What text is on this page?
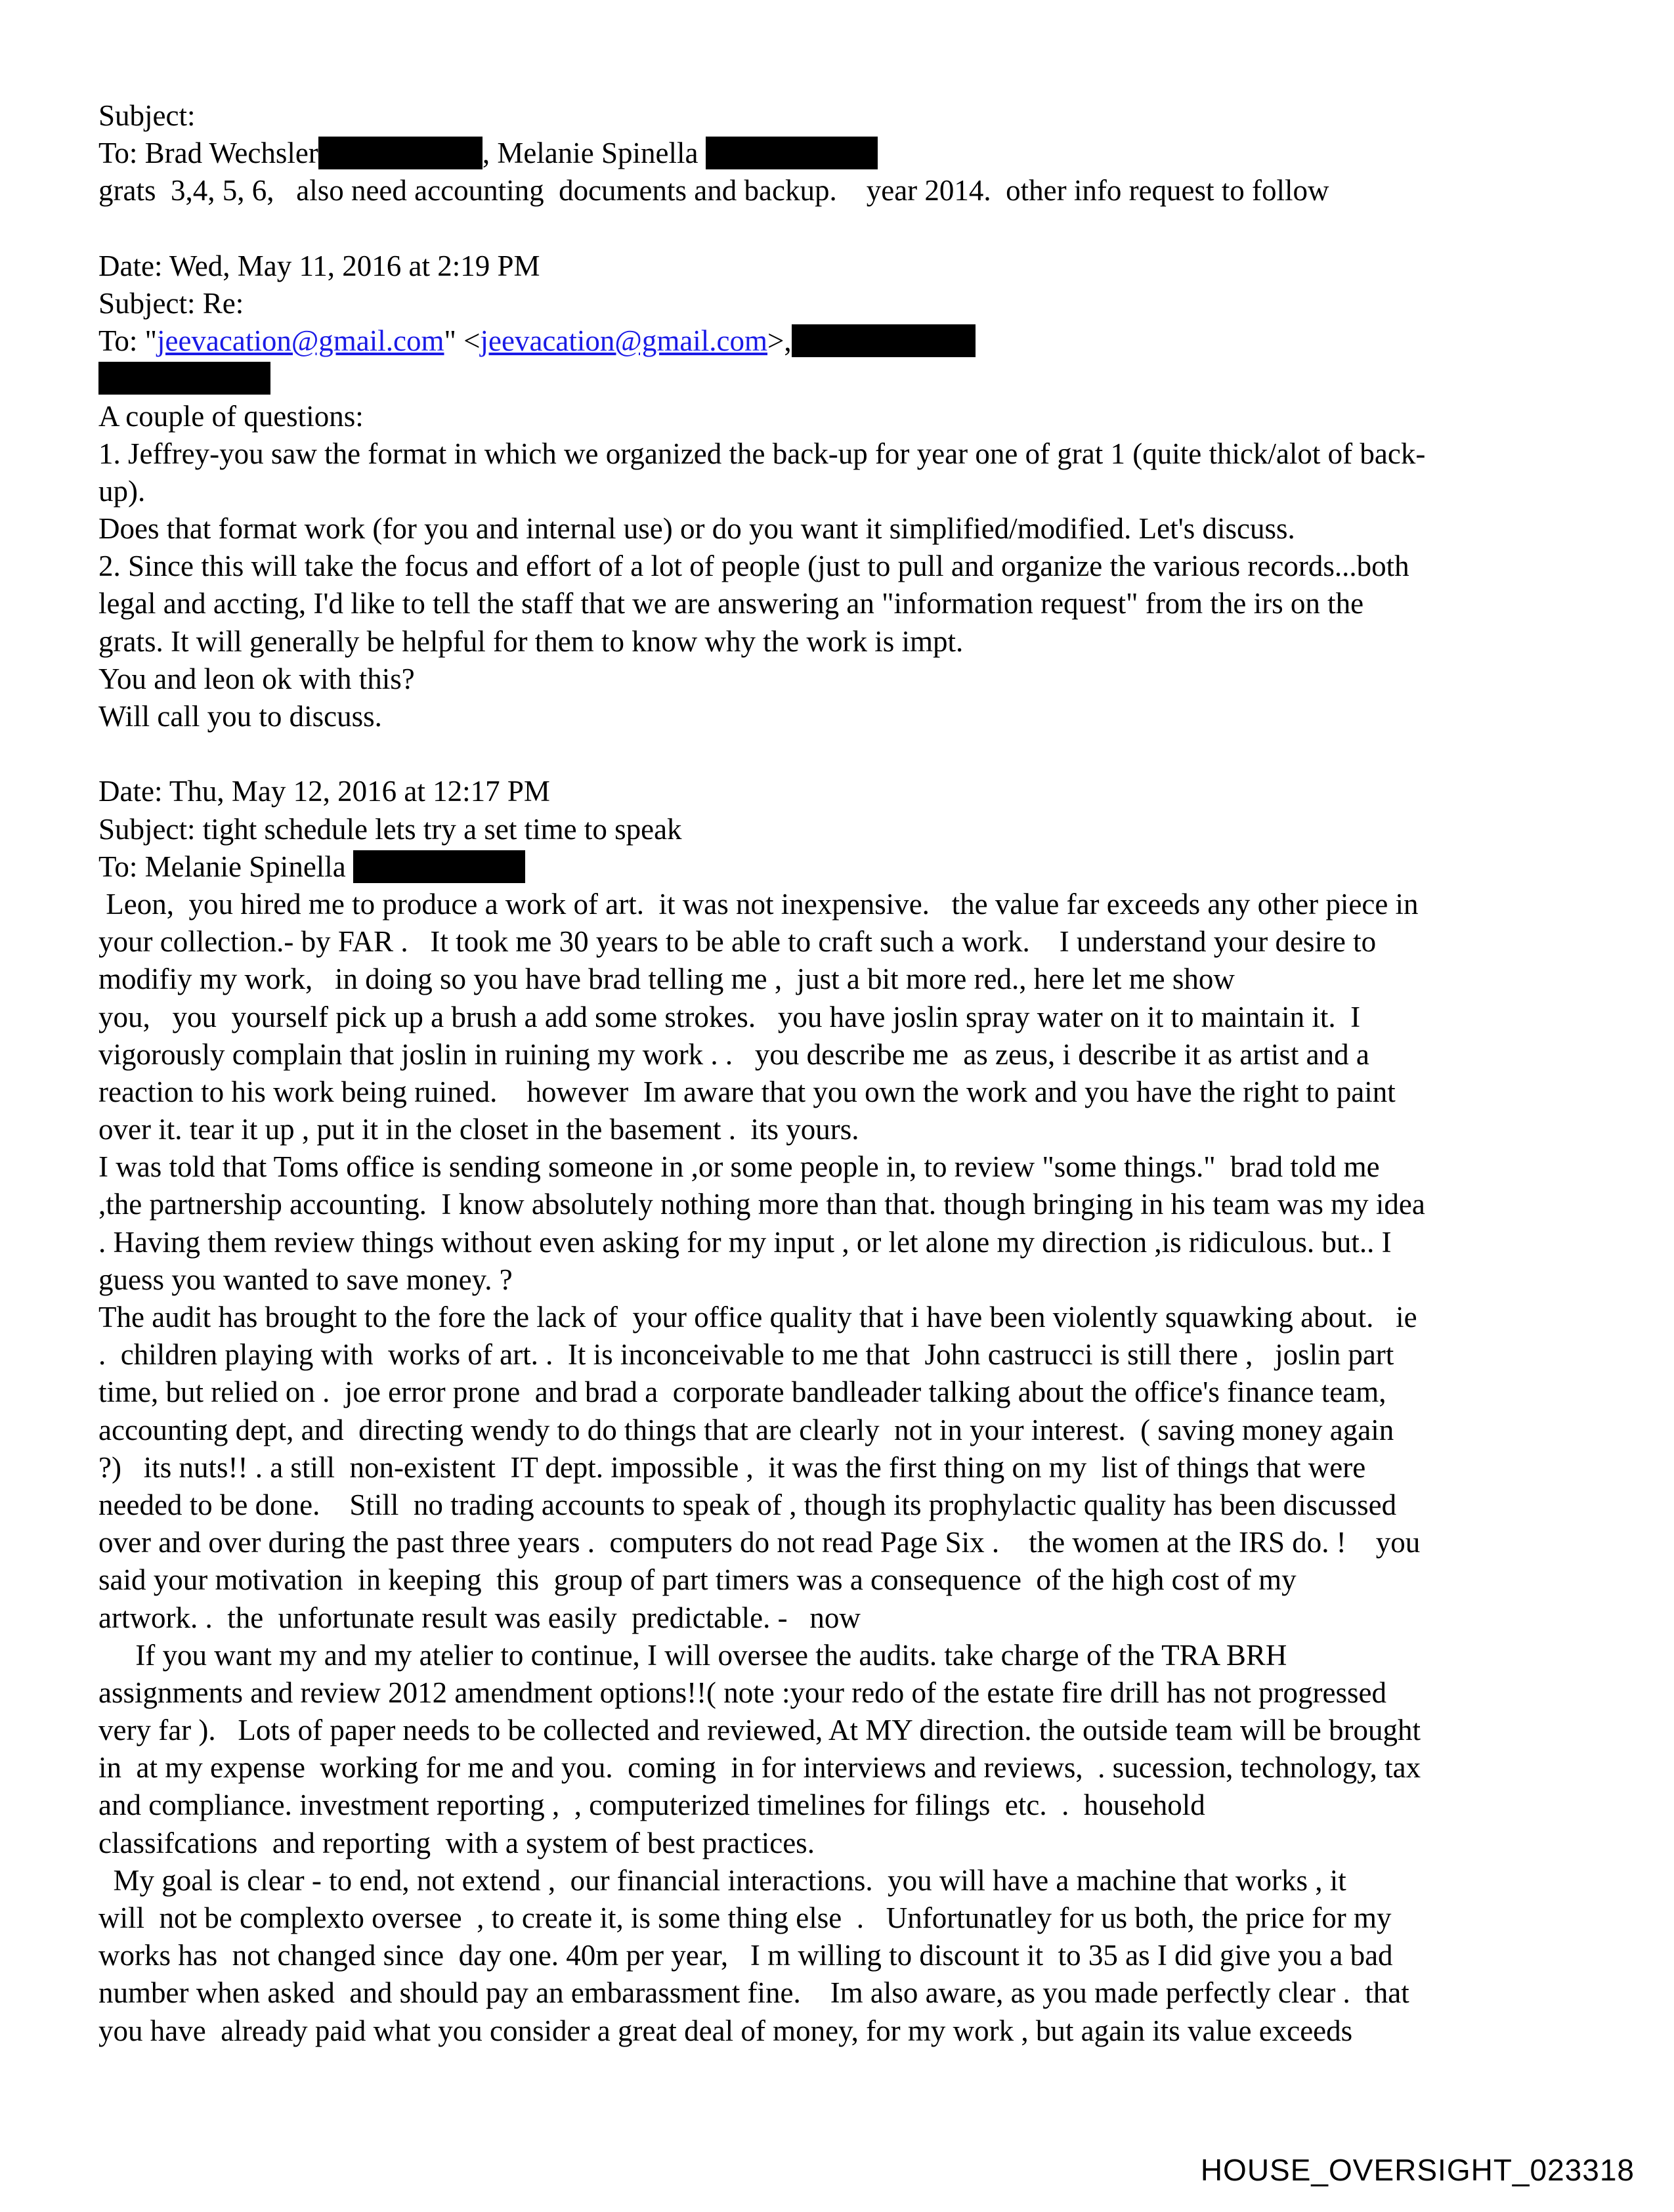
Subject:
To: Brad Wechsler	, Melanie Spinella
grats  3,4, 5, 6,   also need accounting  documents and backup.    year 2014.  other info request to follow
Date: Wed, May 11, 2016 at 2:19 PM
Subject: Re:
To: "jeevacation@gmail.com" <jeevacation@gmail.com>,
A couple of questions:
1. Jeffrey-you saw the format in which we organized the back-up for year one of grat 1 (quite thick/alot of back-
up).
Does that format work (for you and internal use) or do you want it simplified/modified. Let's discuss.
2. Since this will take the focus and effort of a lot of people (just to pull and organize the various records...both
legal and accting, I'd like to tell the staff that we are answering an "information request" from the irs on the
grats. It will generally be helpful for them to know why the work is impt.
You and leon ok with this?
Will call you to discuss.
Date: Thu, May 12, 2016 at 12:17 PM
Subject: tight schedule lets try a set time to speak
To: Melanie Spinella
Leon,  you hired me to produce a work of art.  it was not inexpensive.   the value far exceeds any other piece in
your collection.- by FAR .   It took me 30 years to be able to craft such a work.    I understand your desire to
modifiy my work,   in doing so you have brad telling me ,  just a bit more red., here let me show
you,   you  yourself pick up a brush a add some strokes.   you have joslin spray water on it to maintain it.  I
vigorously complain that joslin in ruining my work . .   you describe me  as zeus, i describe it as artist and a
reaction to his work being ruined.    however  Im aware that you own the work and you have the right to paint
over it. tear it up , put it in the closet in the basement .  its yours.
I was told that Toms office is sending someone in ,or some people in, to review "some things."  brad told me
,the partnership accounting.  I know absolutely nothing more than that. though bringing in his team was my idea
. Having them review things without even asking for my input , or let alone my direction ,is ridiculous. but.. I
guess you wanted to save money. ?
The audit has brought to the fore the lack of  your office quality that i have been violently squawking about.   ie
.  children playing with  works of art. .  It is inconceivable to me that  John castrucci is still there ,   joslin part
time, but relied on .  joe error prone  and brad a  corporate bandleader talking about the office's finance team,
accounting dept, and  directing wendy to do things that are clearly  not in your interest.  ( saving money again
?)   its nuts!! . a still  non-existent  IT dept. impossible ,  it was the first thing on my  list of things that were
needed to be done.    Still  no trading accounts to speak of , though its prophylactic quality has been discussed
over and over during the past three years .  computers do not read Page Six .    the women at the IRS do. !    you
said your motivation  in keeping  this  group of part timers was a consequence  of the high cost of my
artwork. .  the  unfortunate result was easily  predictable. -   now
If you want my and my atelier to continue, I will oversee the audits. take charge of the TRA BRH
assignments and review 2012 amendment options!!( note :your redo of the estate fire drill has not progressed
very far ).   Lots of paper needs to be collected and reviewed, At MY direction. the outside team will be brought
in  at my expense  working for me and you.  coming  in for interviews and reviews,  . sucession, technology, tax
and compliance. investment reporting ,  , computerized timelines for filings  etc.  .  household
classifcations  and reporting  with a system of best practices.
My goal is clear - to end, not extend ,  our financial interactions.  you will have a machine that works , it
will  not be complexto oversee  , to create it, is some thing else  .   Unfortunatley for us both, the price for my
works has  not changed since  day one. 40m per year,   I m willing to discount it  to 35 as I did give you a bad
number when asked  and should pay an embarassment fine.    Im also aware, as you made perfectly clear .  that
you have  already paid what you consider a great deal of money, for my work , but again its value exceeds
HOUSE_OVERSIGHT_023318
